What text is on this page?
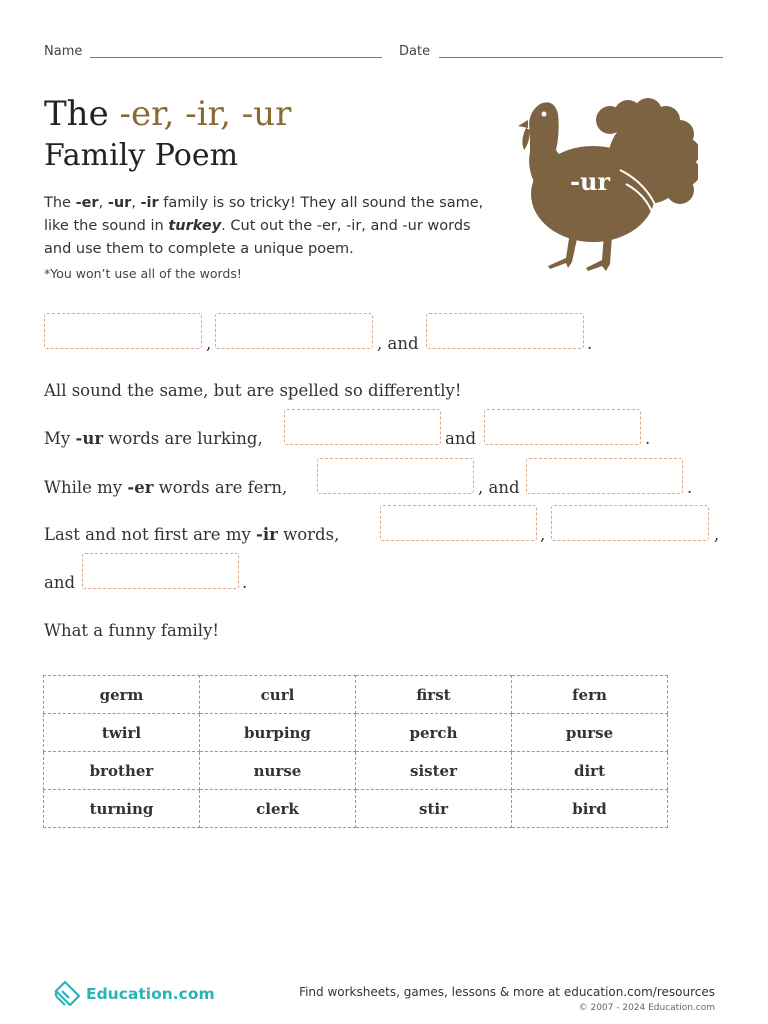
Name	Date
The -er, -ir, -ur
Family Poem
-ur
The -er, -ur, -ir family is so tricky! They all sound the same, like the sound in turkey. Cut out the -er, -ir, and -ur words and use them to complete a unique poem.
*You won’t use all of the words!
,	, and	.
All sound the same, but are spelled so differently!
My -ur words are lurking,	and	.
While my -er words are fern,	, and	.
Last and not first are my -ir words,	,	,
and	.
What a funny family!
germ	curl	first	fern
twirl	burping	perch	purse
brother	nurse	sister	dirt
turning	clerk	stir	bird
Education.com	Find worksheets, games, lessons & more at education.com/resources
© 2007 - 2024 Education.com
